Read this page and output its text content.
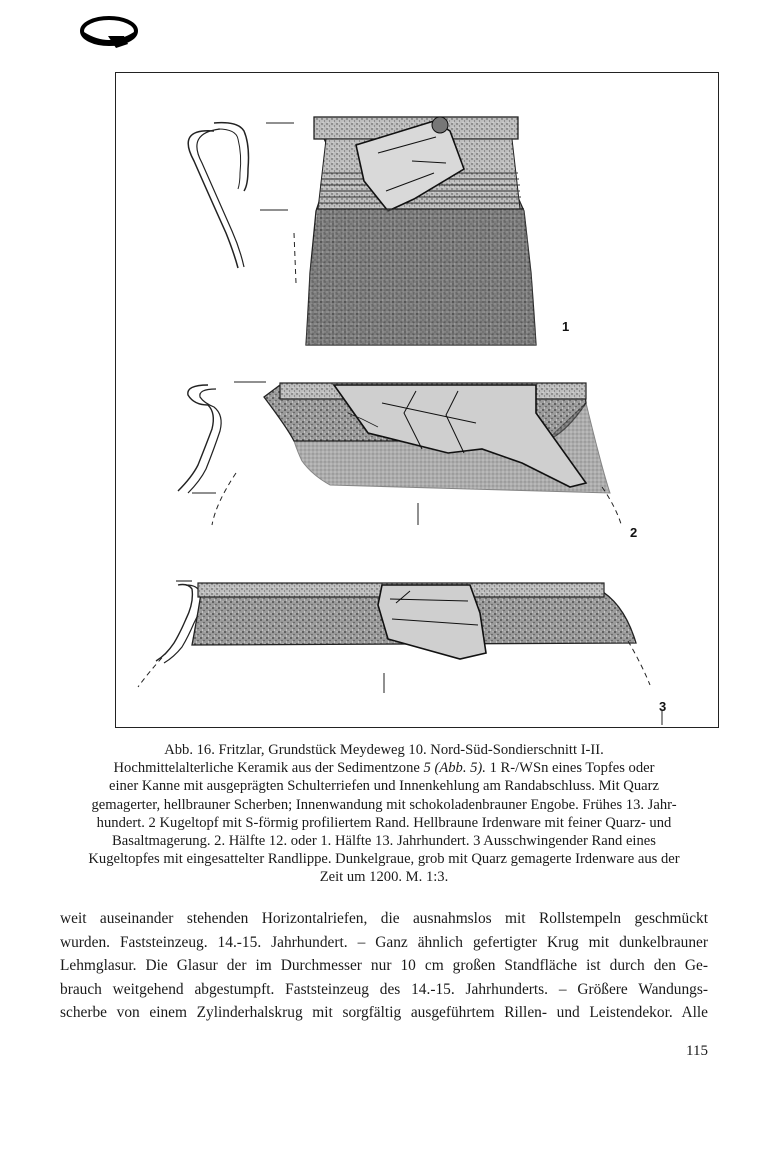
1
2
3
Abb. 16. Fritzlar, Grundstück Meydeweg 10. Nord-Süd-Sondierschnitt I-II.
Hochmittelalterliche Keramik aus der Sedimentzone 5 (Abb. 5). 1 R-/WSn eines Topfes oder
einer Kanne mit ausgeprägten Schulterriefen und Innenkehlung am Randabschluss. Mit Quarz
gemagerter, hellbrauner Scherben; Innenwandung mit schokoladenbrauner Engobe. Frühes 13. Jahr-
hundert. 2 Kugeltopf mit S-förmig profiliertem Rand. Hellbraune Irdenware mit feiner Quarz- und
Basaltmagerung. 2. Hälfte 12. oder 1. Hälfte 13. Jahrhundert. 3 Ausschwingender Rand eines
Kugeltopfes mit eingesattelter Randlippe. Dunkelgraue, grob mit Quarz gemagerte Irdenware aus der
Zeit um 1200. M. 1:3.
weit auseinander stehenden Horizontalriefen, die ausnahmslos mit Rollstempeln geschmückt
wurden. Faststeinzeug. 14.-15. Jahrhundert. – Ganz ähnlich gefertigter Krug mit dunkelbrauner
Lehmglasur. Die Glasur der im Durchmesser nur 10 cm großen Standfläche ist durch den Ge-
brauch weitgehend abgestumpft. Faststeinzeug des 14.-15. Jahrhunderts. – Größere Wandungs-
scherbe von einem Zylinderhalskrug mit sorgfältig ausgeführtem Rillen- und Leistendekor. Alle
115
